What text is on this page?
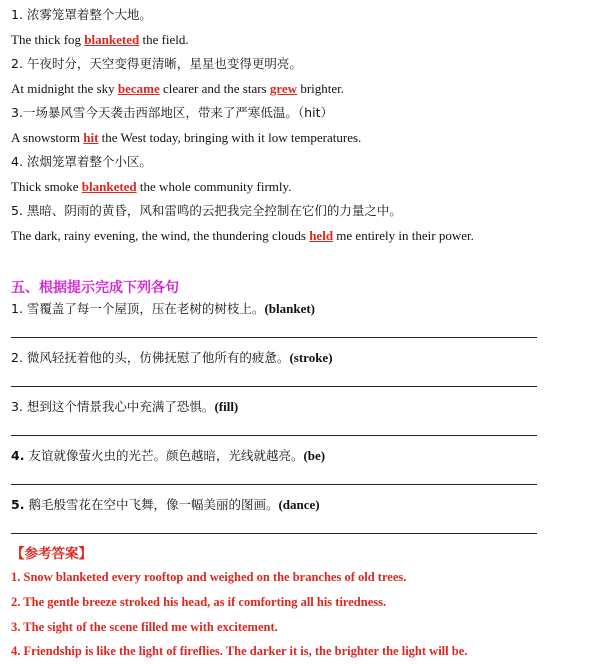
1. 浓雾笼罩着整个大地。
The thick fog blanketed the field.
2. 午夜时分，天空变得更清晰，星星也变得更明亮。
At midnight the sky became clearer and the stars grew brighter.
3.一场暴风雪今天袭击西部地区，带来了严寒低温。（hit）
A snowstorm hit the West today, bringing with it low temperatures.
4. 浓烟笼罩着整个小区。
Thick smoke blanketed the whole community firmly.
5. 黑暗、阴雨的黄昏，风和雷鸣的云把我完全控制在它们的力量之中。
The dark, rainy evening, the wind, the thundering clouds held me entirely in their power.
五、根据提示完成下列各句
1. 雪覆盖了每一个屋顶，压在老树的树枝上。(blanket)
2. 微风轻抚着他的头，仿佛抚慰了他所有的疲惫。(stroke)
3. 想到这个情景我心中充满了恐惧。(fill)
4. 友谊就像萤火虫的光芒。颜色越暗，光线就越亮。(be)
5. 鹅毛般雪花在空中飞舞，像一幅美丽的图画。(dance)
【参考答案】
1. Snow blanketed every rooftop and weighed on the branches of old trees.
2. The gentle breeze stroked his head, as if comforting all his tiredness.
3. The sight of the scene filled me with excitement.
4. Friendship is like the light of fireflies. The darker it is, the brighter the light will be.
